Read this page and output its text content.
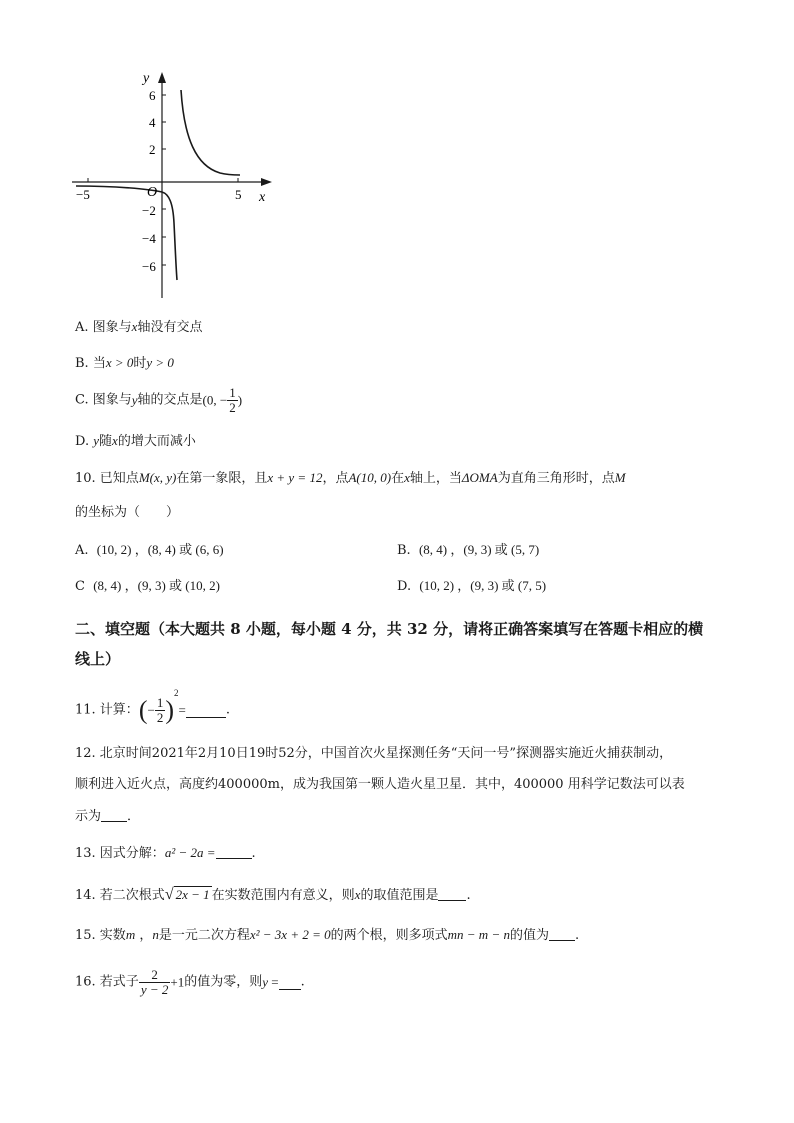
y
x
O
6
4
2
−2
−4
−6
−5	5
A. 图象与x轴没有交点
B. 当x > 0时y > 0
C. 图象与y轴的交点是(0, − $\frac{1}{2}$ )
D. y随x的增大而减小
10. 已知点M(x, y)在第一象限，且x + y = 12，点A(10, 0)在x轴上，当ΔOMA为直角三角形时，点M
的坐标为（　　）
A. (10, 2) ，(8, 4) 或 (6, 6)	B. (8, 4) ，(9, 3) 或 (5, 7)
C (8, 4) ，(9, 3) 或 (10, 2)	D. (10, 2) ，(9, 3) 或 (7, 5)
二、填空题（本大题共 8 小题，每小题 4 分，共 32 分，请将正确答案填写在答题卡相应的横
线上）
11. 计算：(− $\frac{1}{2} )^2=$	.
12. 北京时间2021年2月10日19时52分，中国首次火星探测任务“天问一号”探测器实施近火捕获制动，
顺利进入近火点，高度约400000m，成为我国第一颗人造火星卫星．其中，400000 用科学记数法可以表
示为 ．
13. 因式分解：a² − 2a =	.
14. 若二次根式√ 2x − 1 在实数范围内有意义，则x的取值范围是 .
15. 实数m ，n是一元二次方程x² − 3x + 2 = 0的两个根，则多项式mn − m − n的值为 .
16. 若式子 $\frac{2}{y - 2} +1$的值为零，则y = .
